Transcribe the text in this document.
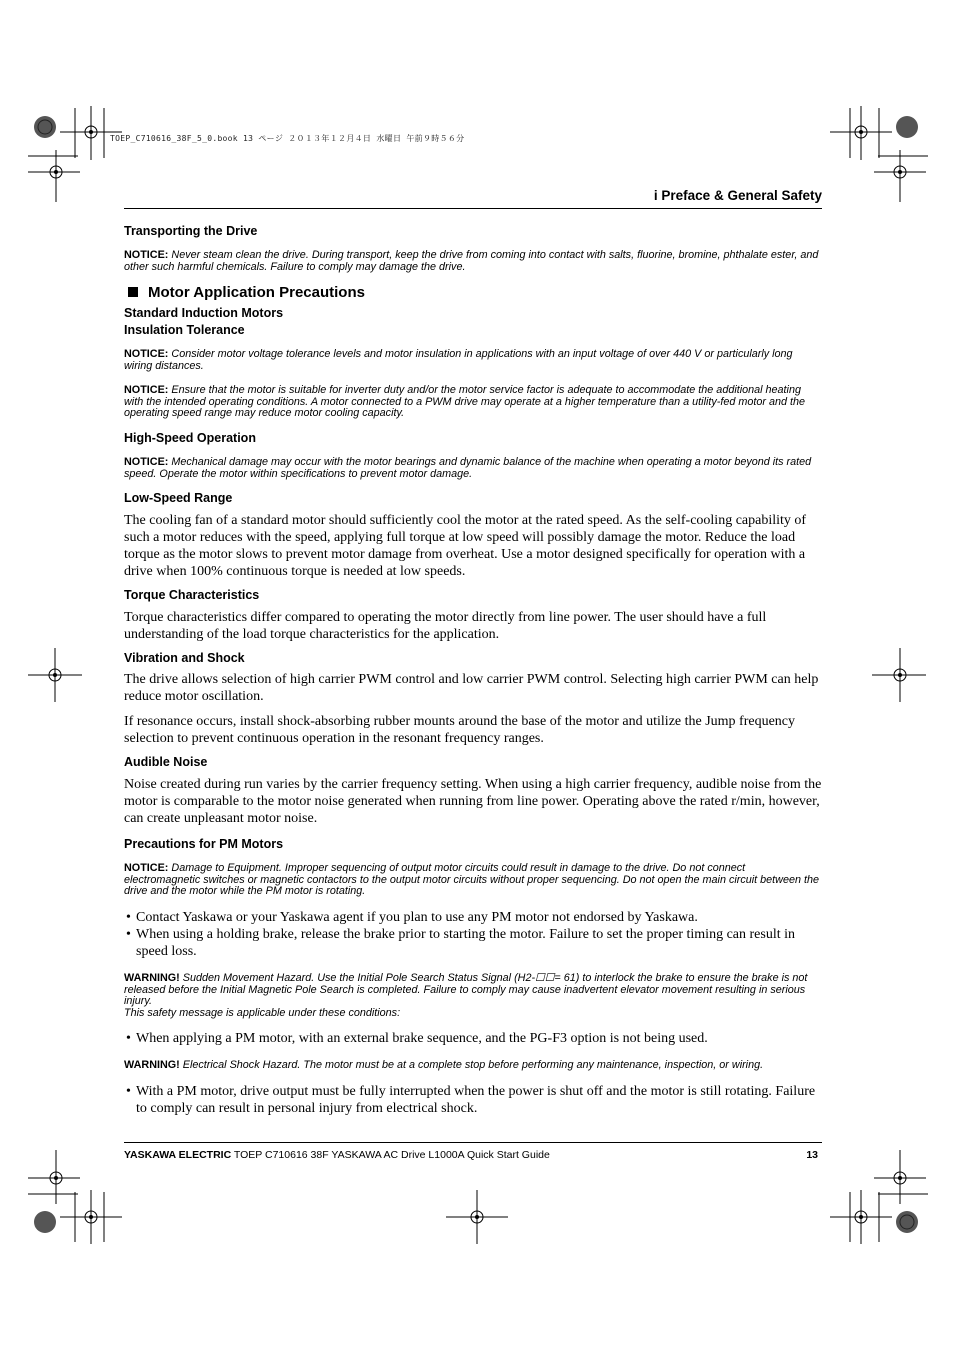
TOEP_C710616_38F_5_0.book 13 ページ ２０１３年１２月４日 水曜日 午前９時５６分
i Preface & General Safety
Transporting the Drive
NOTICE: Never steam clean the drive. During transport, keep the drive from coming into contact with salts, fluorine, bromine, phthalate ester, and other such harmful chemicals. Failure to comply may damage the drive.
Motor Application Precautions
Standard Induction Motors
Insulation Tolerance
NOTICE: Consider motor voltage tolerance levels and motor insulation in applications with an input voltage of over 440 V or particularly long wiring distances.
NOTICE: Ensure that the motor is suitable for inverter duty and/or the motor service factor is adequate to accommodate the additional heating with the intended operating conditions. A motor connected to a PWM drive may operate at a higher temperature than a utility-fed motor and the operating speed range may reduce motor cooling capacity.
High-Speed Operation
NOTICE: Mechanical damage may occur with the motor bearings and dynamic balance of the machine when operating a motor beyond its rated speed. Operate the motor within specifications to prevent motor damage.
Low-Speed Range
The cooling fan of a standard motor should sufficiently cool the motor at the rated speed. As the self-cooling capability of such a motor reduces with the speed, applying full torque at low speed will possibly damage the motor. Reduce the load torque as the motor slows to prevent motor damage from overheat. Use a motor designed specifically for operation with a drive when 100% continuous torque is needed at low speeds.
Torque Characteristics
Torque characteristics differ compared to operating the motor directly from line power. The user should have a full understanding of the load torque characteristics for the application.
Vibration and Shock
The drive allows selection of high carrier PWM control and low carrier PWM control. Selecting high carrier PWM can help reduce motor oscillation.
If resonance occurs, install shock-absorbing rubber mounts around the base of the motor and utilize the Jump frequency selection to prevent continuous operation in the resonant frequency ranges.
Audible Noise
Noise created during run varies by the carrier frequency setting. When using a high carrier frequency, audible noise from the motor is comparable to the motor noise generated when running from line power. Operating above the rated r/min, however, can create unpleasant motor noise.
Precautions for PM Motors
NOTICE: Damage to Equipment. Improper sequencing of output motor circuits could result in damage to the drive. Do not connect electromagnetic switches or magnetic contactors to the output motor circuits without proper sequencing. Do not open the main circuit between the drive and the motor while the PM motor is rotating.
• Contact Yaskawa or your Yaskawa agent if you plan to use any PM motor not endorsed by Yaskawa.
• When using a holding brake, release the brake prior to starting the motor. Failure to set the proper timing can result in speed loss.
WARNING! Sudden Movement Hazard. Use the Initial Pole Search Status Signal (H2-☐☐= 61) to interlock the brake to ensure the brake is not released before the Initial Magnetic Pole Search is completed. Failure to comply may cause inadvertent elevator movement resulting in serious injury.
This safety message is applicable under these conditions:
• When applying a PM motor, with an external brake sequence, and the PG-F3 option is not being used.
WARNING! Electrical Shock Hazard. The motor must be at a complete stop before performing any maintenance, inspection, or wiring.
• With a PM motor, drive output must be fully interrupted when the power is shut off and the motor is still rotating. Failure to comply can result in personal injury from electrical shock.
YASKAWA ELECTRIC TOEP C710616 38F YASKAWA AC Drive L1000A Quick Start Guide	13
